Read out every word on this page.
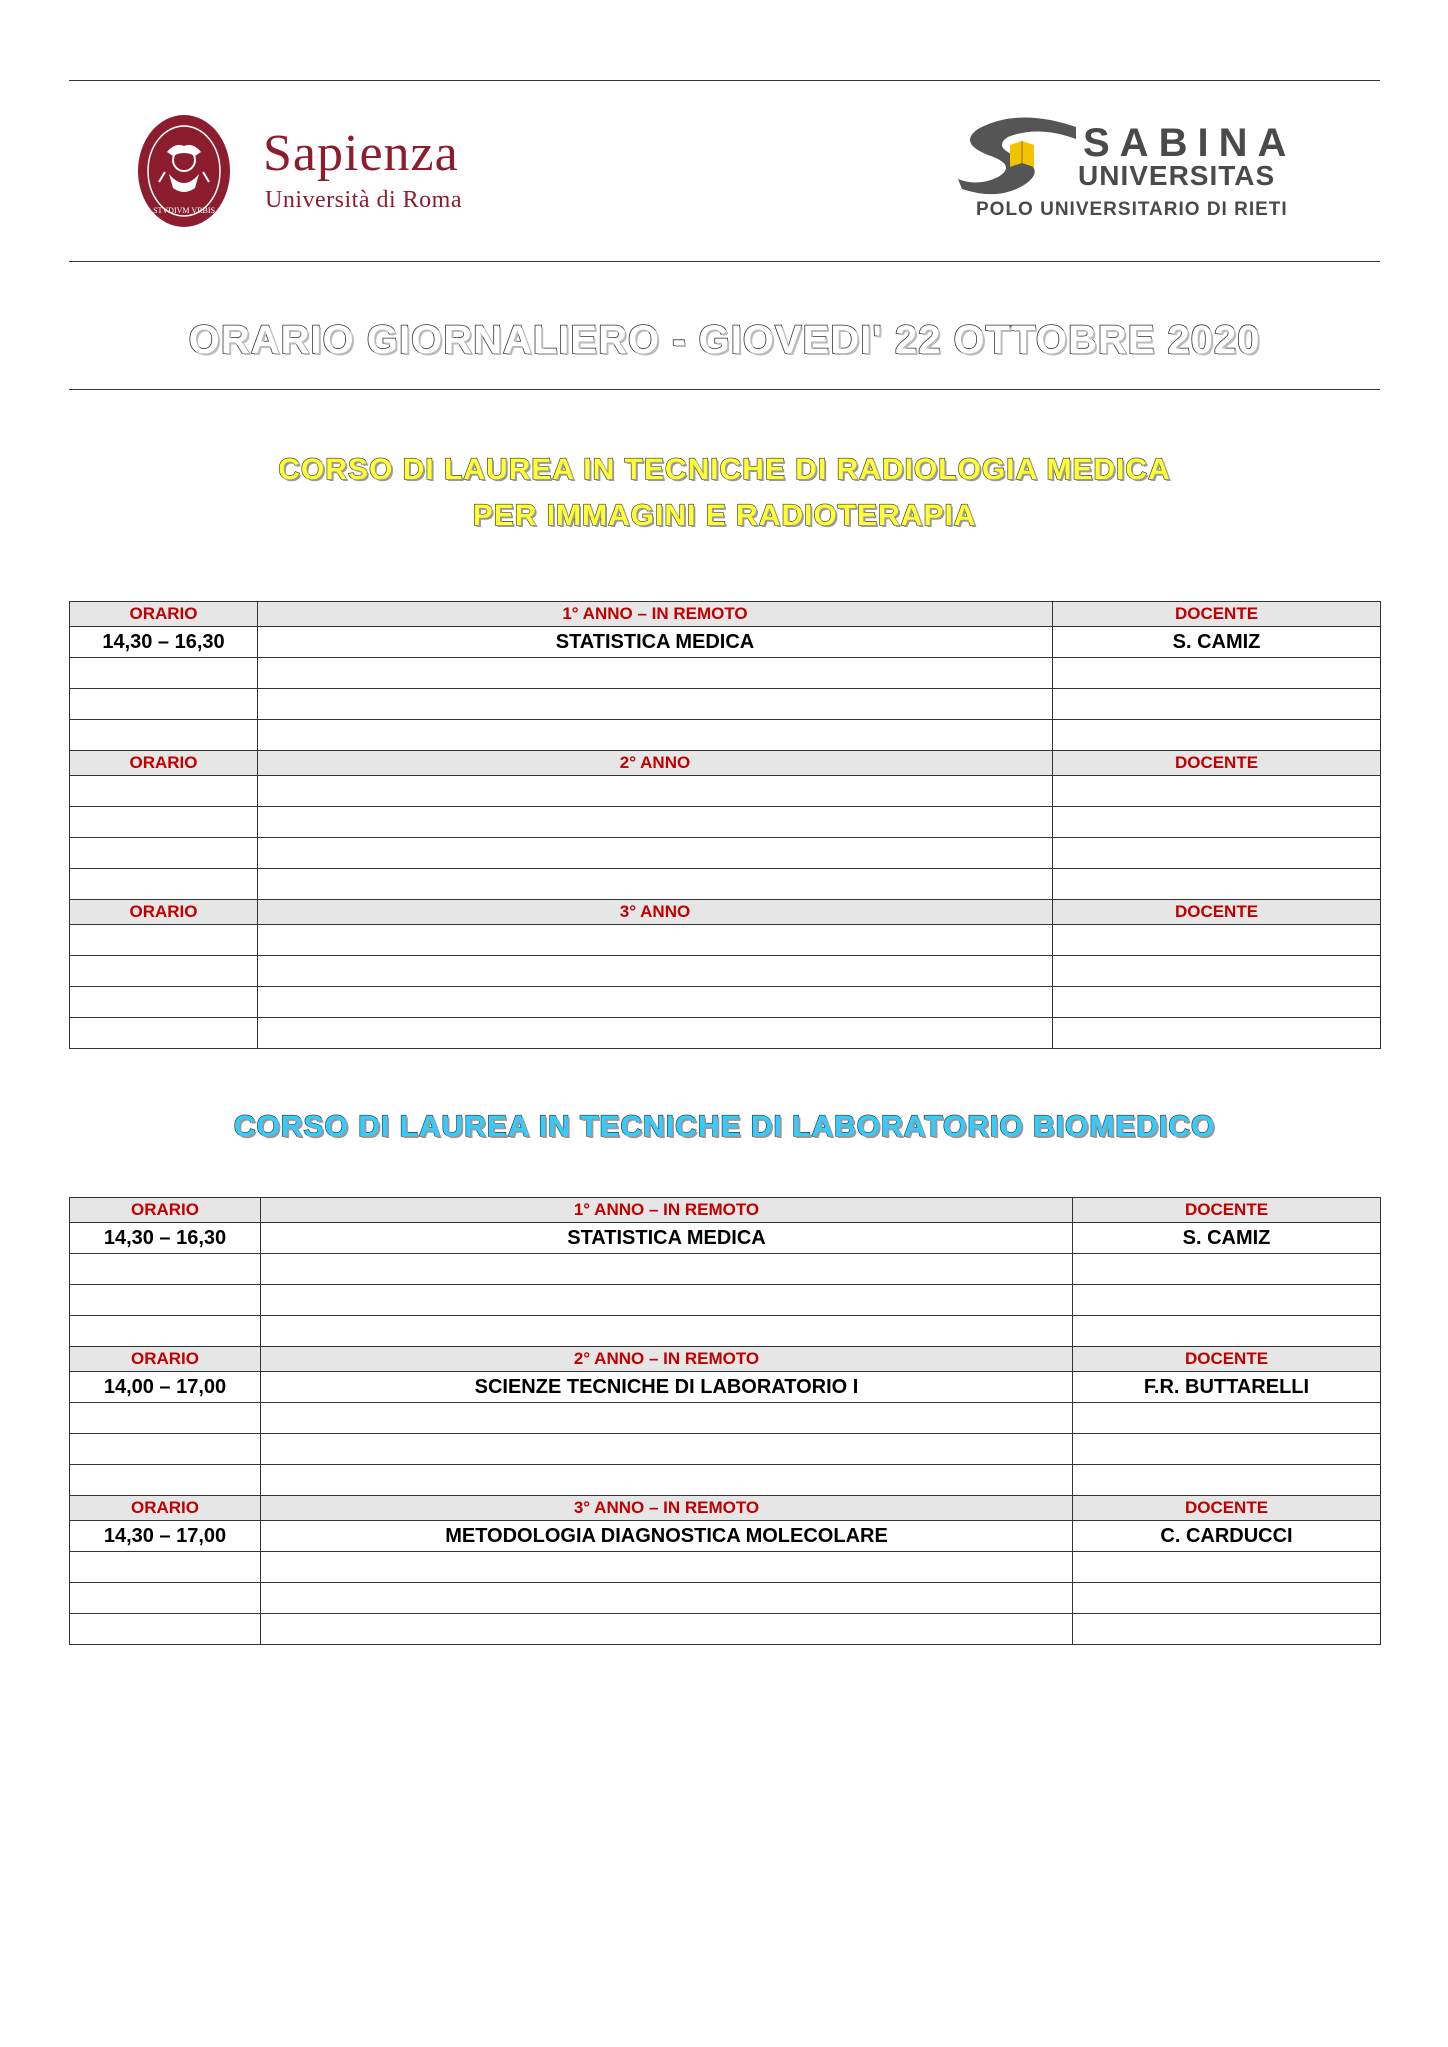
STVDIVM VRBIS
Sapienza
Università di Roma
SABINA
UNIVERSITAS
POLO UNIVERSITARIO DI RIETI
ORARIO GIORNALIERO - GIOVEDI' 22 OTTOBRE 2020
CORSO DI LAUREA IN TECNICHE DI RADIOLOGIA MEDICA
PER IMMAGINI E RADIOTERAPIA
ORARIO	1° ANNO – IN REMOTO	DOCENTE
14,30 – 16,30	STATISTICA MEDICA	S. CAMIZ

ORARIO	2° ANNO	DOCENTE

ORARIO	3° ANNO	DOCENTE

CORSO DI LAUREA IN TECNICHE DI LABORATORIO BIOMEDICO
ORARIO	1° ANNO – IN REMOTO	DOCENTE
14,30 – 16,30	STATISTICA MEDICA	S. CAMIZ

ORARIO	2° ANNO – IN REMOTO	DOCENTE
14,00 – 17,00	SCIENZE TECNICHE DI LABORATORIO I	F.R. BUTTARELLI

ORARIO	3° ANNO – IN REMOTO	DOCENTE
14,30 – 17,00	METODOLOGIA DIAGNOSTICA MOLECOLARE	C. CARDUCCI
